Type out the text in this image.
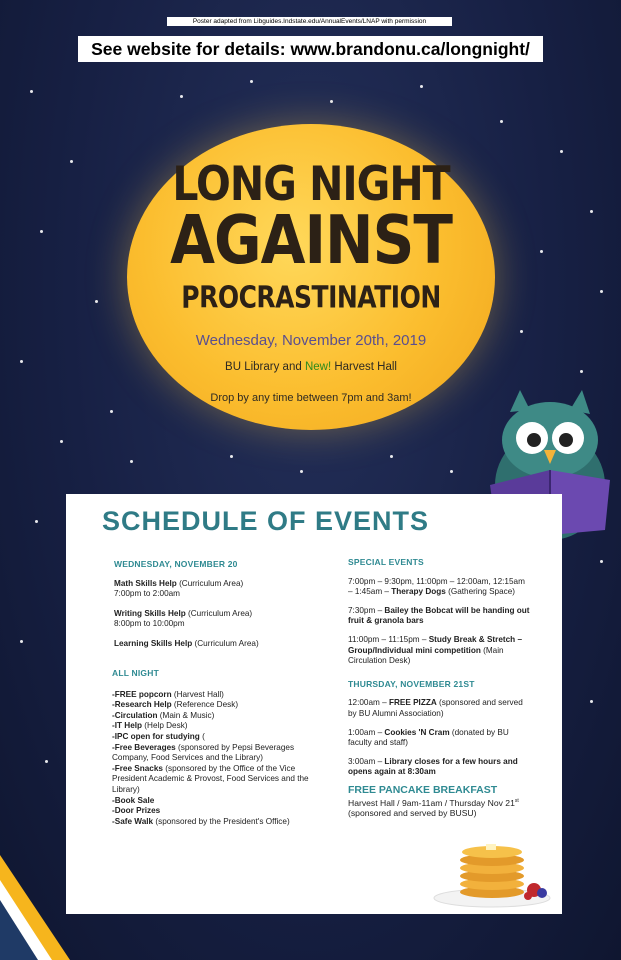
Poster adapted from Libguides.Indstate.edu/AnnualEvents/LNAP with permission
See website for details: www.brandonu.ca/longnight/
LONG NIGHT
AGAINST
PROCRASTINATION
Wednesday, November 20th, 2019
BU Library and New! Harvest Hall
Drop by any time between 7pm and 3am!
SCHEDULE OF EVENTS
WEDNESDAY, NOVEMBER 20
Math Skills Help (Curriculum Area)
7:00pm to 2:00am
Writing Skills Help (Curriculum Area)
8:00pm to 10:00pm
Learning Skills Help (Curriculum Area)
ALL NIGHT
-FREE popcorn (Harvest Hall)
-Research Help (Reference Desk)
-Circulation (Main & Music)
-IT Help (Help Desk)
-IPC open for studying (
-Free Beverages (sponsored by Pepsi Beverages Company, Food Services and the Library)
-Free Snacks (sponsored by the Office of the Vice President Academic & Provost, Food Services and the Library)
-Book Sale
-Door Prizes
-Safe Walk (sponsored by the President's Office)
SPECIAL EVENTS
7:00pm – 9:30pm, 11:00pm – 12:00am, 12:15am – 1:45am – Therapy Dogs (Gathering Space)
7:30pm – Bailey the Bobcat will be handing out fruit & granola bars
11:00pm – 11:15pm – Study Break & Stretch – Group/Individual mini competition (Main Circulation Desk)
THURSDAY, NOVEMBER 21ST
12:00am – FREE PIZZA (sponsored and served by BU Alumni Association)
1:00am – Cookies 'N Cram (donated by BU faculty and staff)
3:00am – Library closes for a few hours and opens again at 8:30am
FREE PANCAKE BREAKFAST
Harvest Hall / 9am-11am / Thursday Nov 21st
(sponsored and served by BUSU)
